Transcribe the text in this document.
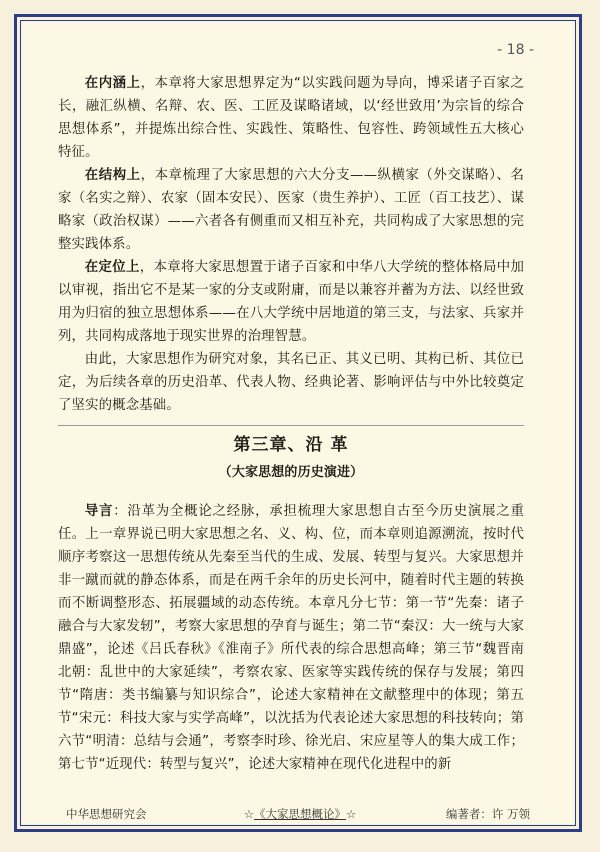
- 18 -

在内涵上，本章将大家思想界定为“以实践问题为导向，博采诸子百家之长，融汇纵横、名辩、农、医、工匠及谋略诸域，以‘经世致用’为宗旨的综合思想体系”，并提炼出综合性、实践性、策略性、包容性、跨领域性五大核心特征。

在结构上，本章梳理了大家思想的六大分支——纵横家（外交谋略）、名家（名实之辩）、农家（固本安民）、医家（贵生养护）、工匠（百工技艺）、谋略家（政治权谋）——六者各有侧重而又相互补充，共同构成了大家思想的完整实践体系。

在定位上，本章将大家思想置于诸子百家和中华八大学统的整体格局中加以审视，指出它不是某一家的分支或附庸，而是以兼容并蓄为方法、以经世致用为归宿的独立思想体系——在八大学统中居地道的第三支，与法家、兵家并列，共同构成落地于现实世界的治理智慧。

由此，大家思想作为研究对象，其名已正、其义已明、其构已析、其位已定，为后续各章的历史沿革、代表人物、经典论著、影响评估与中外比较奠定了坚实的概念基础。

第三章、沿 革
（大家思想的历史演进）

导言：沿革为全概论之经脉，承担梳理大家思想自古至今历史演展之重任。上一章界说已明大家思想之名、义、构、位，而本章则追源溯流，按时代顺序考察这一思想传统从先秦至当代的生成、发展、转型与复兴。大家思想并非一蹴而就的静态体系，而是在两千余年的历史长河中，随着时代主题的转换而不断调整形态、拓展疆域的动态传统。本章凡分七节：第一节“先秦：诸子融合与大家发轫”，考察大家思想的孕育与诞生；第二节“秦汉：大一统与大家鼎盛”，论述《吕氏春秋》《淮南子》所代表的综合思想高峰；第三节“魏晋南北朝：乱世中的大家延续”，考察农家、医家等实践传统的保存与发展；第四节“隋唐：类书编纂与知识综合”，论述大家精神在文献整理中的体现；第五节“宋元：科技大家与实学高峰”，以沈括为代表论述大家思想的科技转向；第六节“明清：总结与会通”，考察李时珍、徐光启、宋应星等人的集大成工作；第七节“近现代：转型与复兴”，论述大家精神在现代化进程中的新

中华思想研究会	☆《大家思想概论》☆	编著者：许 万领
